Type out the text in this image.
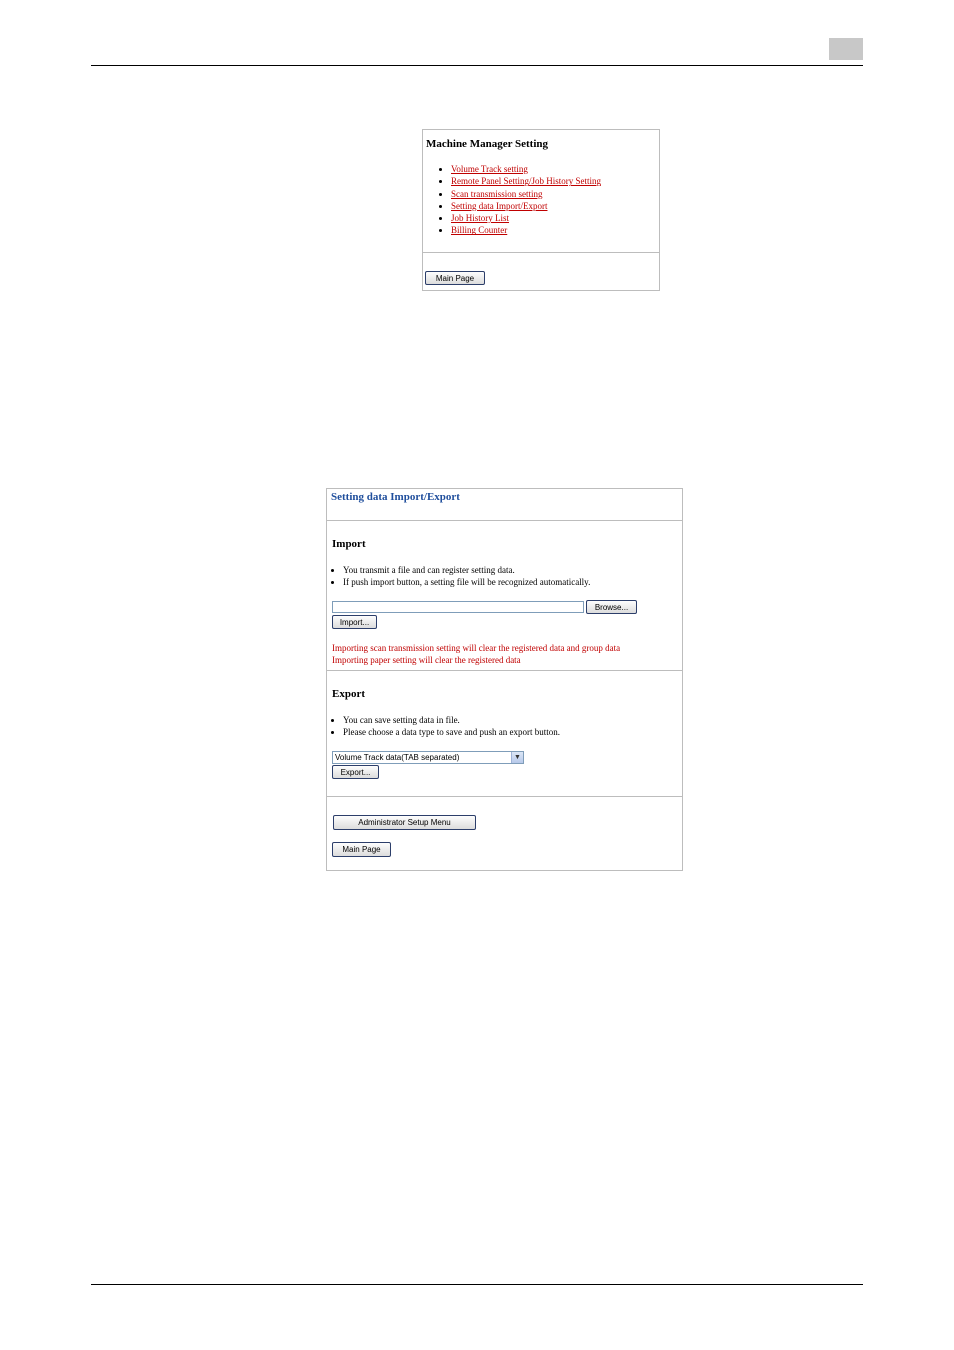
Machine Manager Setting
• Volume Track setting
• Remote Panel Setting/Job History Setting
• Scan transmission setting
• Setting data Import/Export
• Job History List
• Billing Counter
Main Page
Setting data Import/Export
Import
• You transmit a file and can register setting data.
• If push import button, a setting file will be recognized automatically.
Browse...
Import...
Importing scan transmission setting will clear the registered data and group data
Importing paper setting will clear the registered data
Export
• You can save setting data in file.
• Please choose a data type to save and push an export button.
Volume Track data(TAB separated)	▼
Export...
Administrator Setup Menu
Main Page
